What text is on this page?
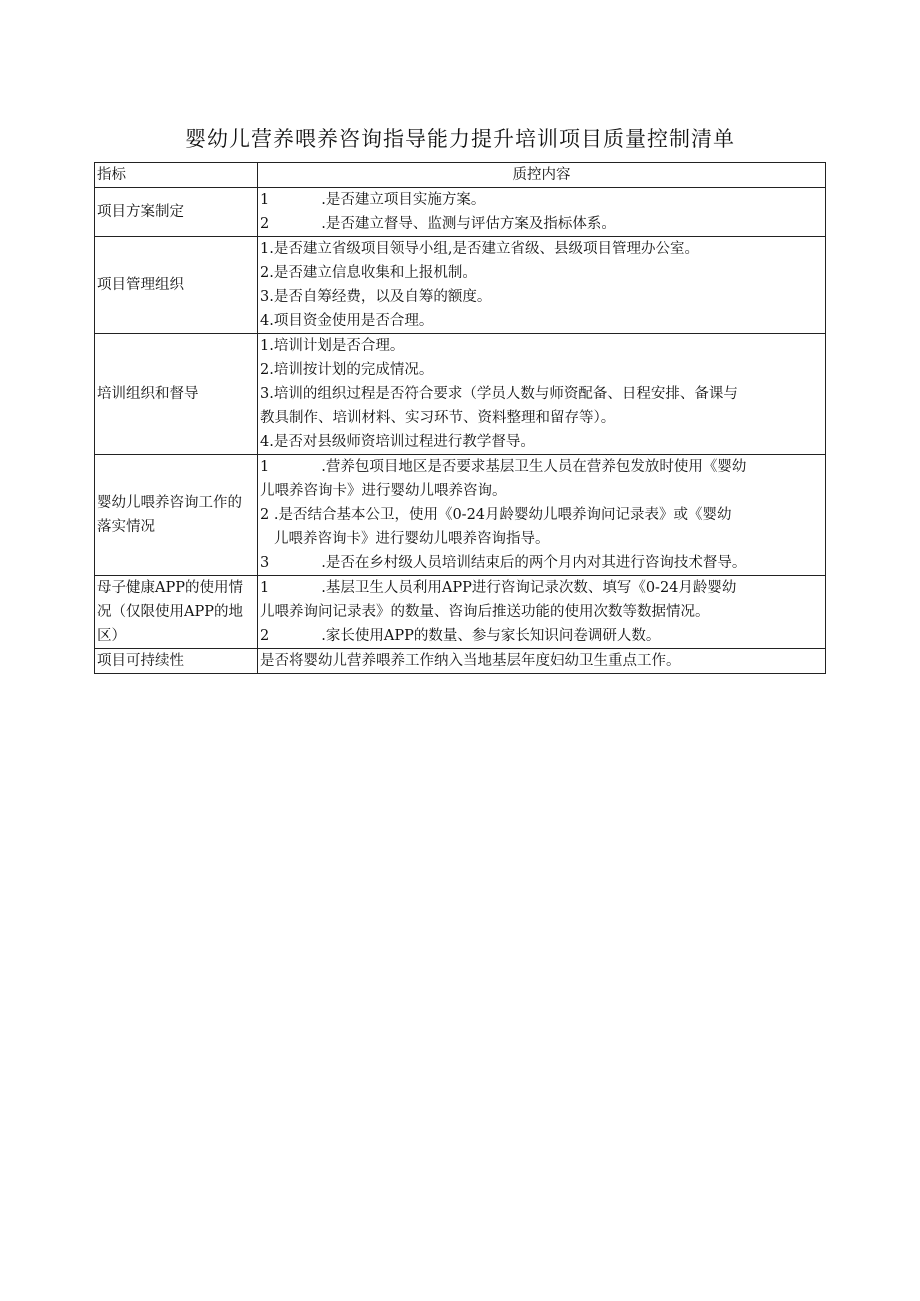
婴幼儿营养喂养咨询指导能力提升培训项目质量控制清单
指标	质控内容
项目方案制定	1 .是否建立项目实施方案。
2 .是否建立督导、监测与评估方案及指标体系。

项目管理组织	1.是否建立省级项目领导小组,是否建立省级、县级项目管理办公室。
2.是否建立信息收集和上报机制。
3.是否自筹经费，以及自筹的额度。
4.项目资金使用是否合理。

培训组织和督导	1.培训计划是否合理。
2.培训按计划的完成情况。
3.培训的组织过程是否符合要求（学员人数与师资配备、日程安排、备课与
教具制作、培训材料、实习环节、资料整理和留存等）。
4.是否对县级师资培训过程进行教学督导。

婴幼儿喂养咨询工作的落实情况	1 .营养包项目地区是否要求基层卫生人员在营养包发放时使用《婴幼
儿喂养咨询卡》进行婴幼儿喂养咨询。
2 .是否结合基本公卫，使用《0-24月龄婴幼儿喂养询问记录表》或《婴幼
儿喂养咨询卡》进行婴幼儿喂养咨询指导。
3 .是否在乡村级人员培训结束后的两个月内对其进行咨询技术督导。

母子健康APP的使用情况（仅限使用APP的地区）	1 .基层卫生人员利用APP进行咨询记录次数、填写《0-24月龄婴幼
儿喂养询问记录表》的数量、咨询后推送功能的使用次数等数据情况。
2 .家长使用APP的数量、参与家长知识问卷调研人数。

项目可持续性	是否将婴幼儿营养喂养工作纳入当地基层年度妇幼卫生重点工作。
